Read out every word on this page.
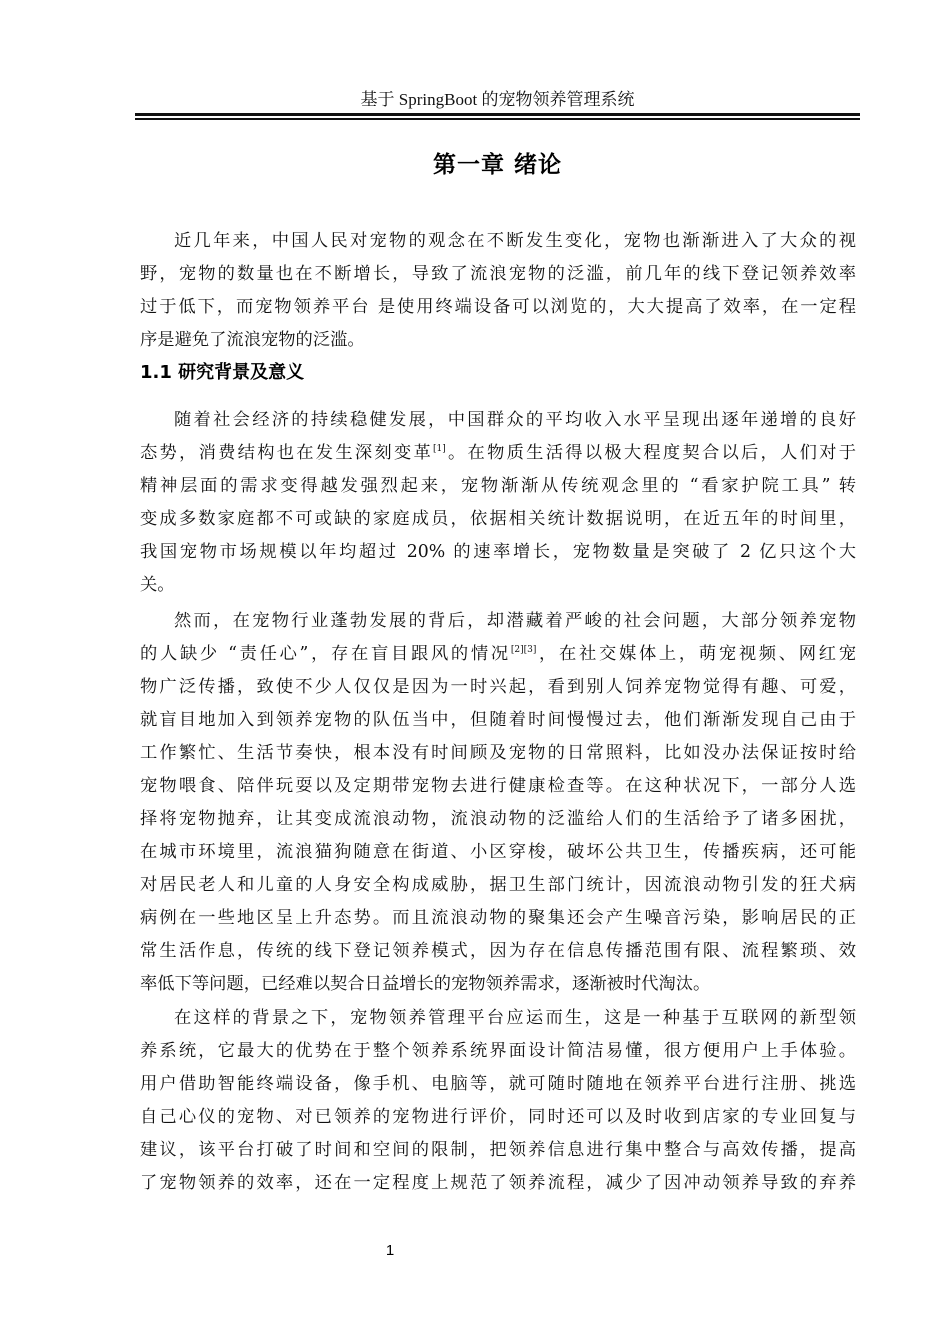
基于 SpringBoot 的宠物领养管理系统
第一章 绪论
近几年来，中国人民对宠物的观念在不断发生变化，宠物也渐渐进入了大众的视
野，宠物的数量也在不断增长，导致了流浪宠物的泛滥，前几年的线下登记领养效率
过于低下，而宠物领养平台 是使用终端设备可以浏览的，大大提高了效率，在一定程
序是避免了流浪宠物的泛滥。
1.1 研究背景及意义
随着社会经济的持续稳健发展，中国群众的平均收入水平呈现出逐年递增的良好
态势，消费结构也在发生深刻变革[1]。在物质生活得以极大程度契合以后，人们对于
精神层面的需求变得越发强烈起来，宠物渐渐从传统观念里的 “看家护院工具” 转
变成多数家庭都不可或缺的家庭成员，依据相关统计数据说明，在近五年的时间里，
我国宠物市场规模以年均超过 20% 的速率增长，宠物数量是突破了 2 亿只这个大
关。
然而，在宠物行业蓬勃发展的背后，却潜藏着严峻的社会问题，大部分领养宠物
的人缺少 “责任心”，存在盲目跟风的情况[2][3]，在社交媒体上，萌宠视频、网红宠
物广泛传播，致使不少人仅仅是因为一时兴起，看到别人饲养宠物觉得有趣、可爱，
就盲目地加入到领养宠物的队伍当中，但随着时间慢慢过去，他们渐渐发现自己由于
工作繁忙、生活节奏快，根本没有时间顾及宠物的日常照料，比如没办法保证按时给
宠物喂食、陪伴玩耍以及定期带宠物去进行健康检查等。在这种状况下，一部分人选
择将宠物抛弃，让其变成流浪动物，流浪动物的泛滥给人们的生活给予了诸多困扰，
在城市环境里，流浪猫狗随意在街道、小区穿梭，破坏公共卫生，传播疾病，还可能
对居民老人和儿童的人身安全构成威胁，据卫生部门统计，因流浪动物引发的狂犬病
病例在一些地区呈上升态势。而且流浪动物的聚集还会产生噪音污染，影响居民的正
常生活作息，传统的线下登记领养模式，因为存在信息传播范围有限、流程繁琐、效
率低下等问题，已经难以契合日益增长的宠物领养需求，逐渐被时代淘汰。
在这样的背景之下，宠物领养管理平台应运而生，这是一种基于互联网的新型领
养系统，它最大的优势在于整个领养系统界面设计简洁易懂，很方便用户上手体验。
用户借助智能终端设备，像手机、电脑等，就可随时随地在领养平台进行注册、挑选
自己心仪的宠物、对已领养的宠物进行评价，同时还可以及时收到店家的专业回复与
建议，该平台打破了时间和空间的限制，把领养信息进行集中整合与高效传播，提高
了宠物领养的效率，还在一定程度上规范了领养流程，减少了因冲动领养导致的弃养
1
